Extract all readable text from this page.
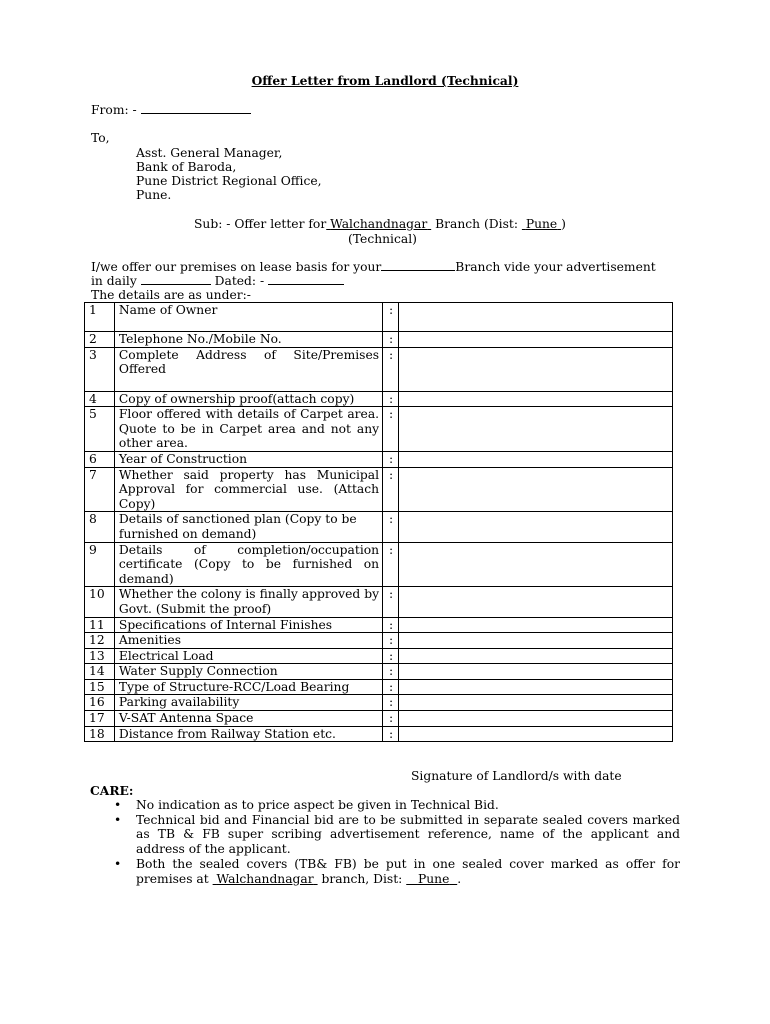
Offer Letter from Landlord (Technical)
From: -
To,
Asst. General Manager,
Bank of Baroda,
Pune District Regional Office,
Pune.
Sub: - Offer letter for Walchandnagar Branch (Dist: Pune )
(Technical)
I/we offer our premises on lease basis for your	Branch vide your advertisement
in daily	Dated: -
The details are as under:-
1	Name of Owner	:	
2	Telephone No./Mobile No.	:	
3	Complete Address of Site/Premises Offered	:	
4	Copy of ownership proof(attach copy)	:	
5	Floor offered with details of Carpet area. Quote to be in Carpet area and not any other area.	:	
6	Year of Construction	:	
7	Whether said property has Municipal Approval for commercial use. (Attach Copy)	:	
8	Details of sanctioned plan (Copy to be furnished on demand)	:	
9	Details of completion/occupation certificate (Copy to be furnished on demand)	:	
10	Whether the colony is finally approved by Govt. (Submit the proof)	:	
11	Specifications of Internal Finishes	:	
12	Amenities	:	
13	Electrical Load	:	
14	Water Supply Connection	:	
15	Type of Structure-RCC/Load Bearing	:	
16	Parking availability	:	
17	V-SAT Antenna Space	:	
18	Distance from Railway Station etc.	:	
Signature of Landlord/s with date
CARE:
• No indication as to price aspect be given in Technical Bid.
• Technical bid and Financial bid are to be submitted in separate sealed covers marked as TB & FB super scribing advertisement reference, name of the applicant and address of the applicant.
• Both the sealed covers (TB& FB) be put in one sealed cover marked as offer for premises at Walchandnagar branch, Dist: Pune .
